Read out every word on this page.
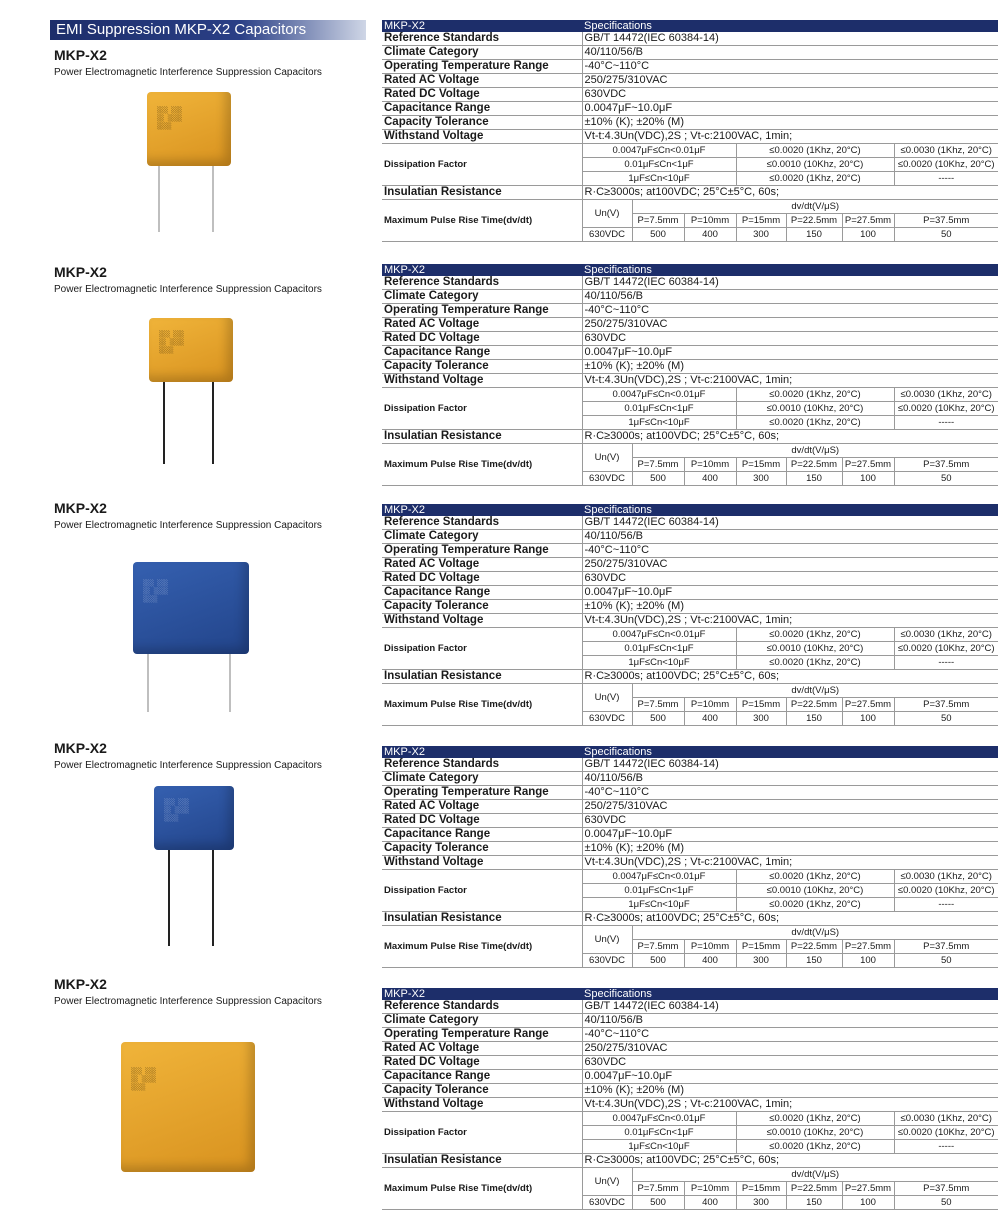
EMI Suppression MKP-X2 Capacitors
MKP-X2
Power Electromagnetic Interference Suppression Capacitors
░░░ ░░░
░░ ░░░░
░░░░
MKP-X2	Specifications						
Reference Standards	GB/T 14472(IEC 60384-14)						
Climate Category	40/110/56/B						
Operating Temperature Range	-40°C~110°C						
Rated AC Voltage	250/275/310VAC						
Rated DC Voltage	630VDC						
Capacitance Range	0.0047μF~10.0μF						
Capacity Tolerance	±10% (K); ±20% (M)						
Withstand Voltage	Vt-t:4.3Un(VDC),2S ; Vt-c:2100VAC, 1min;						
Dissipation Factor	0.0047μF≤Cn<0.01μF			≤0.0020 (1Khz, 20°C)			≤0.0030 (1Khz, 20°C)
	0.01μF≤Cn<1μF			≤0.0010 (10Khz, 20°C)			≤0.0020 (10Khz, 20°C)
	1μF≤Cn<10μF			≤0.0020 (1Khz, 20°C)			-----
Insulatian Resistance	R·C≥3000s; at100VDC; 25°C±5°C, 60s;						
Maximum Pulse Rise Time(dv/dt)	Un(V)	dv/dt(V/μS)					
		P=7.5mm	P=10mm	P=15mm	P=22.5mm	P=27.5mm	P=37.5mm
	630VDC	500	400	300	150	100	50
MKP-X2
Power Electromagnetic Interference Suppression Capacitors
░░░ ░░░
░░ ░░░░
░░░░
MKP-X2	Specifications						
Reference Standards	GB/T 14472(IEC 60384-14)						
Climate Category	40/110/56/B						
Operating Temperature Range	-40°C~110°C						
Rated AC Voltage	250/275/310VAC						
Rated DC Voltage	630VDC						
Capacitance Range	0.0047μF~10.0μF						
Capacity Tolerance	±10% (K); ±20% (M)						
Withstand Voltage	Vt-t:4.3Un(VDC),2S ; Vt-c:2100VAC, 1min;						
Dissipation Factor	0.0047μF≤Cn<0.01μF			≤0.0020 (1Khz, 20°C)			≤0.0030 (1Khz, 20°C)
	0.01μF≤Cn<1μF			≤0.0010 (10Khz, 20°C)			≤0.0020 (10Khz, 20°C)
	1μF≤Cn<10μF			≤0.0020 (1Khz, 20°C)			-----
Insulatian Resistance	R·C≥3000s; at100VDC; 25°C±5°C, 60s;						
Maximum Pulse Rise Time(dv/dt)	Un(V)	dv/dt(V/μS)					
		P=7.5mm	P=10mm	P=15mm	P=22.5mm	P=27.5mm	P=37.5mm
	630VDC	500	400	300	150	100	50
MKP-X2
Power Electromagnetic Interference Suppression Capacitors
░░░ ░░░
░░ ░░░░
░░░░
MKP-X2	Specifications						
Reference Standards	GB/T 14472(IEC 60384-14)						
Climate Category	40/110/56/B						
Operating Temperature Range	-40°C~110°C						
Rated AC Voltage	250/275/310VAC						
Rated DC Voltage	630VDC						
Capacitance Range	0.0047μF~10.0μF						
Capacity Tolerance	±10% (K); ±20% (M)						
Withstand Voltage	Vt-t:4.3Un(VDC),2S ; Vt-c:2100VAC, 1min;						
Dissipation Factor	0.0047μF≤Cn<0.01μF			≤0.0020 (1Khz, 20°C)			≤0.0030 (1Khz, 20°C)
	0.01μF≤Cn<1μF			≤0.0010 (10Khz, 20°C)			≤0.0020 (10Khz, 20°C)
	1μF≤Cn<10μF			≤0.0020 (1Khz, 20°C)			-----
Insulatian Resistance	R·C≥3000s; at100VDC; 25°C±5°C, 60s;						
Maximum Pulse Rise Time(dv/dt)	Un(V)	dv/dt(V/μS)					
		P=7.5mm	P=10mm	P=15mm	P=22.5mm	P=27.5mm	P=37.5mm
	630VDC	500	400	300	150	100	50
MKP-X2
Power Electromagnetic Interference Suppression Capacitors
░░░ ░░░
░░ ░░░░
░░░░
MKP-X2	Specifications						
Reference Standards	GB/T 14472(IEC 60384-14)						
Climate Category	40/110/56/B						
Operating Temperature Range	-40°C~110°C						
Rated AC Voltage	250/275/310VAC						
Rated DC Voltage	630VDC						
Capacitance Range	0.0047μF~10.0μF						
Capacity Tolerance	±10% (K); ±20% (M)						
Withstand Voltage	Vt-t:4.3Un(VDC),2S ; Vt-c:2100VAC, 1min;						
Dissipation Factor	0.0047μF≤Cn<0.01μF			≤0.0020 (1Khz, 20°C)			≤0.0030 (1Khz, 20°C)
	0.01μF≤Cn<1μF			≤0.0010 (10Khz, 20°C)			≤0.0020 (10Khz, 20°C)
	1μF≤Cn<10μF			≤0.0020 (1Khz, 20°C)			-----
Insulatian Resistance	R·C≥3000s; at100VDC; 25°C±5°C, 60s;						
Maximum Pulse Rise Time(dv/dt)	Un(V)	dv/dt(V/μS)					
		P=7.5mm	P=10mm	P=15mm	P=22.5mm	P=27.5mm	P=37.5mm
	630VDC	500	400	300	150	100	50
MKP-X2
Power Electromagnetic Interference Suppression Capacitors
░░░ ░░░
░░ ░░░░
░░░░
MKP-X2	Specifications						
Reference Standards	GB/T 14472(IEC 60384-14)						
Climate Category	40/110/56/B						
Operating Temperature Range	-40°C~110°C						
Rated AC Voltage	250/275/310VAC						
Rated DC Voltage	630VDC						
Capacitance Range	0.0047μF~10.0μF						
Capacity Tolerance	±10% (K); ±20% (M)						
Withstand Voltage	Vt-t:4.3Un(VDC),2S ; Vt-c:2100VAC, 1min;						
Dissipation Factor	0.0047μF≤Cn<0.01μF			≤0.0020 (1Khz, 20°C)			≤0.0030 (1Khz, 20°C)
	0.01μF≤Cn<1μF			≤0.0010 (10Khz, 20°C)			≤0.0020 (10Khz, 20°C)
	1μF≤Cn<10μF			≤0.0020 (1Khz, 20°C)			-----
Insulatian Resistance	R·C≥3000s; at100VDC; 25°C±5°C, 60s;						
Maximum Pulse Rise Time(dv/dt)	Un(V)	dv/dt(V/μS)					
		P=7.5mm	P=10mm	P=15mm	P=22.5mm	P=27.5mm	P=37.5mm
	630VDC	500	400	300	150	100	50
